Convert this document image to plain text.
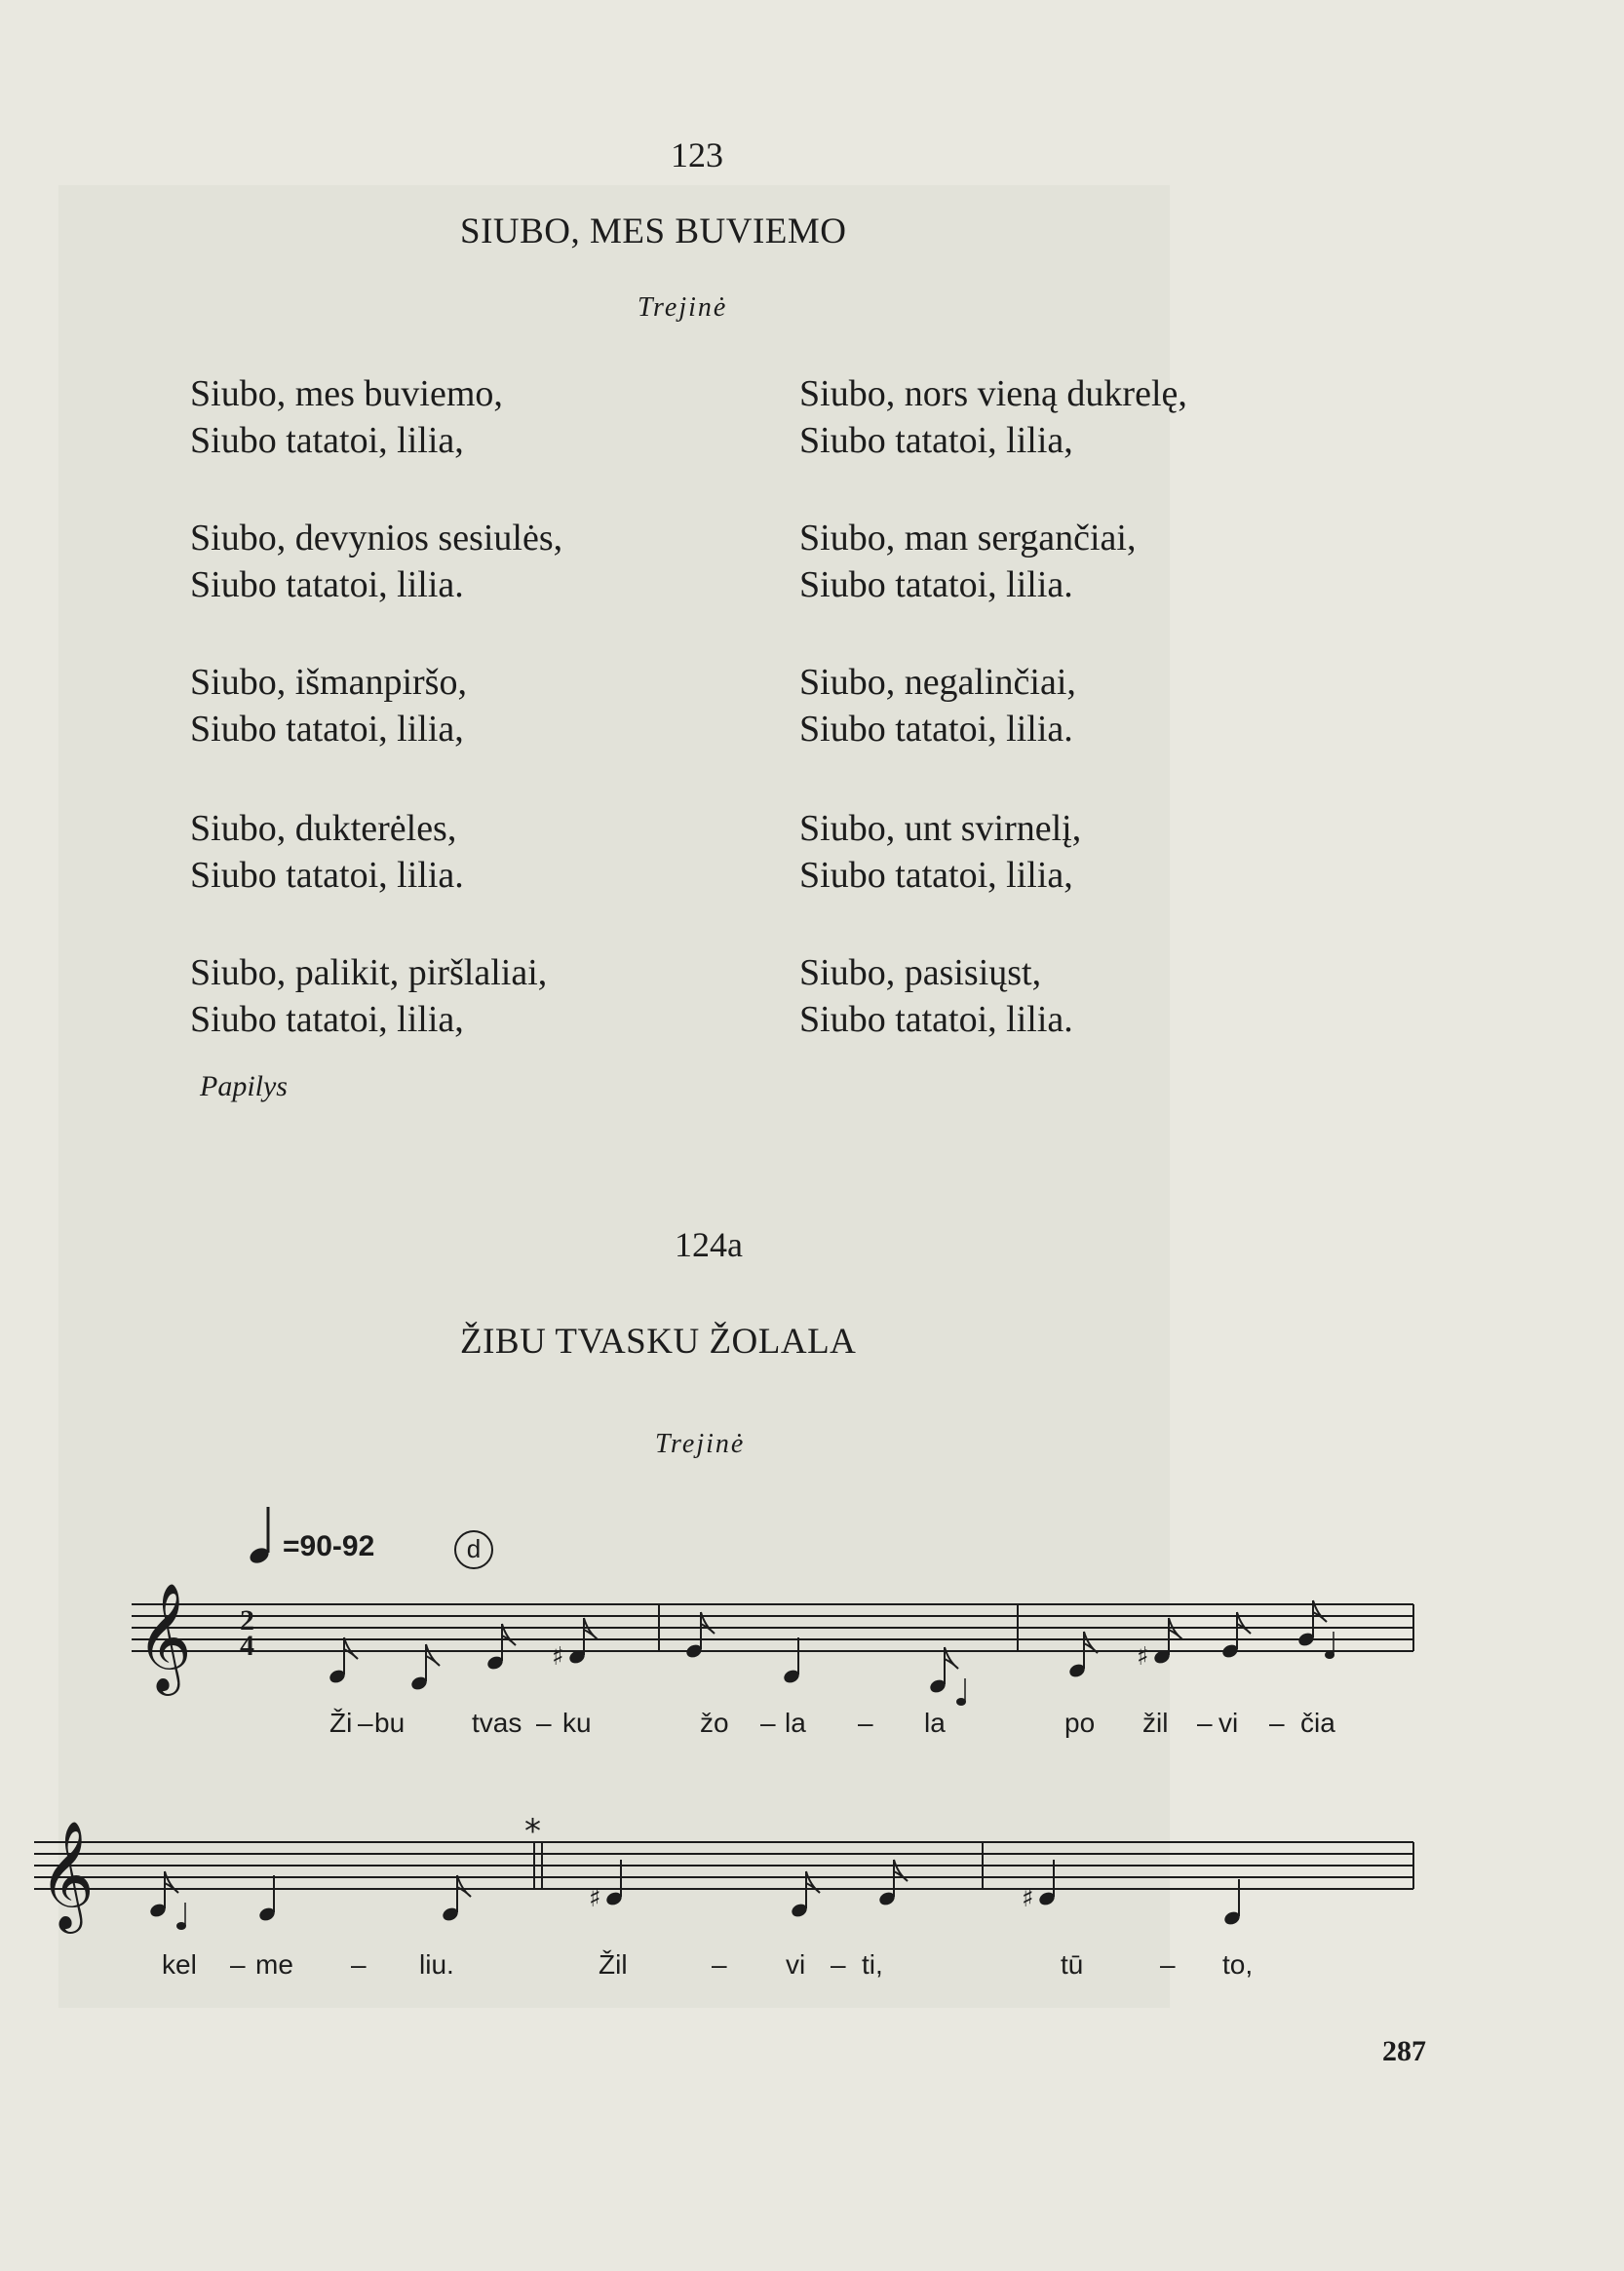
123
SIUBO, MES BUVIEMO
Trejinė
Siubo, mes buviemo,
Siubo tatatoi, lilia,
Siubo, devynios sesiulės,
Siubo tatatoi, lilia.
Siubo, išmanpiršo,
Siubo tatatoi, lilia,
Siubo, dukterėles,
Siubo tatatoi, lilia.
Siubo, palikit, piršlaliai,
Siubo tatatoi, lilia,
Siubo, nors vieną dukrelę,
Siubo tatatoi, lilia,
Siubo, man sergančiai,
Siubo tatatoi, lilia.
Siubo, negalinčiai,
Siubo tatatoi, lilia.
Siubo, unt svirnelį,
Siubo tatatoi, lilia,
Siubo, pasisiųst,
Siubo tatatoi, lilia.
Papilys
124a
ŽIBU TVASKU ŽOLALA
Trejinė
=90-92	d
𝄞 2
4	♯	♯
𝄞	*
♯	♯
Ži – bu tvas – ku	žo – la – la	po žil – vi – čia
kel – me – liu.	Žil	– vi – ti,	tū	– to,
287
